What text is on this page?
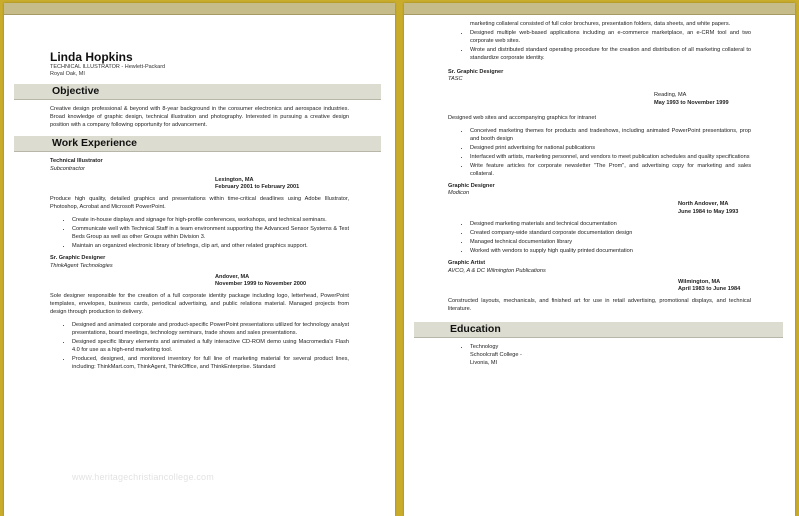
Linda Hopkins
TECHNICAL ILLUSTRATOR - Hewlett-Packard
Royal Oak, MI
Objective

Creative design professional & beyond with 8-year background in the consumer electronics and aerospace industries. Broad knowledge of graphic design, technical illustration and photography. Interested in pursuing a creative design position with a company following opportunity for advancement.

Work Experience
Technical Illustrator
Subcontractor
Lexington, MA
February 2001 to February 2001
Produce high quality, detailed graphics and presentations within time-critical deadlines using Adobe Illustrator, Photoshop, Acrobat and Microsoft PowerPoint.
• Create in-house displays and signage for high-profile conferences, workshops, and technical seminars.
• Communicate well with Technical Staff in a team environment supporting the Advanced Sensor Systems & Test Beds Group as well as other Groups within Division 3.
• Maintain an organized electronic library of briefings, clip art, and other related graphics support.
Sr. Graphic Designer
ThinkAgent Technologies
Andover, MA
November 1999 to November 2000
Sole designer responsible for the creation of a full corporate identity package including logo, letterhead, PowerPoint templates, envelopes, business cards, periodical advertising, and public relations material. Managed projects from design through production to delivery.
• Designed and animated corporate and product-specific PowerPoint presentations utilized for technology analyst presentations, board meetings, technology seminars, trade shows and sales presentations.
• Designed specific library elements and animated a fully interactive CD-ROM demo using Macromedia's Flash 4.0 for use as a high-end marketing tool.
• Produced, designed, and monitored inventory for full line of marketing material for several product lines, including: ThinkMart.com, ThinkAgent, ThinkOffice, and ThinkEnterprise. Standard
www.heritagechristiancollege.com
marketing collateral consisted of full color brochures, presentation folders, data sheets, and white papers.
• Designed multiple web-based applications including an e-commerce marketplace, an e-CRM tool and two corporate web sites.
• Wrote and distributed standard operating procedure for the creation and distribution of all marketing collateral to standardize corporate identity.
Sr. Graphic Designer
TASC
Reading, MA
May 1993 to November 1999
Designed web sites and accompanying graphics for intranet
• Conceived marketing themes for products and tradeshows, including animated PowerPoint presentations, prop and booth design
• Designed print advertising for national publications
• Interfaced with artists, marketing personnel, and vendors to meet publication schedules and quality specifications
• Write feature articles for corporate newsletter "The Prom", and advertising copy for marketing and sales collateral.
Graphic Designer
Modicon
North Andover, MA
June 1984 to May 1993
• Designed marketing materials and technical documentation
• Created company-wide standard corporate documentation design
• Managed technical documentation library
• Worked with vendors to supply high quality printed documentation
Graphic Artist
AVCO, A & DC Wilmington Publications
Wilmington, MA
April 1983 to June 1984
Constructed layouts, mechanicals, and finished art for use in retail advertising, promotional displays, and technical literature.
Education
• Technology
Schoolcraft College -
Livonia, MI
